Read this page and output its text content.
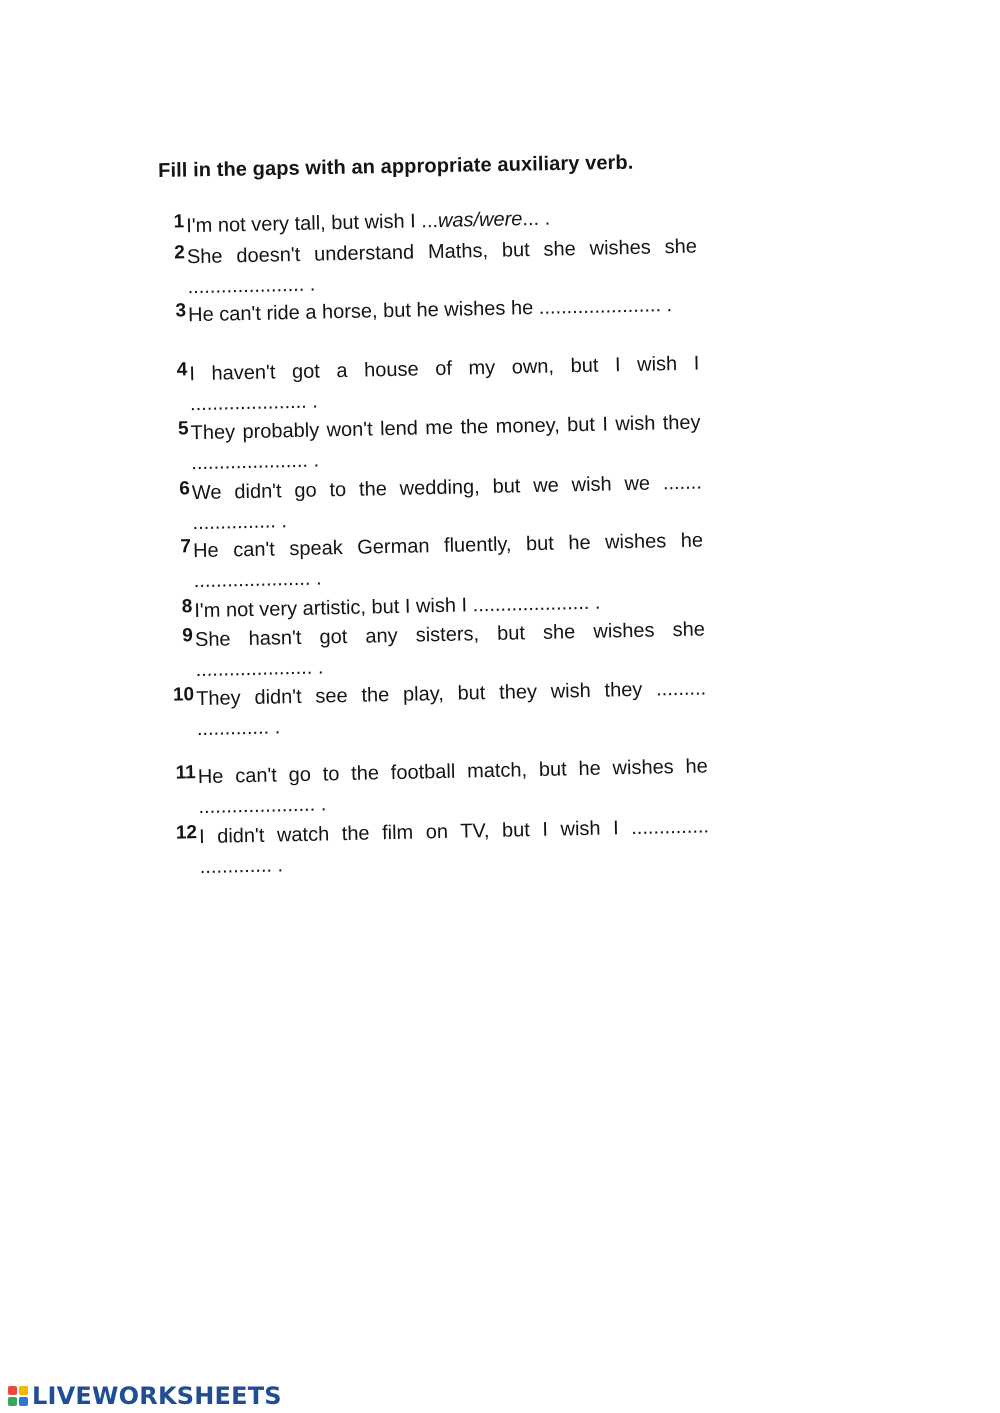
Fill in the gaps with an appropriate auxiliary verb.
1 I'm not very tall, but wish I ...was/were... .
2 She doesn't understand Maths, but she wishes she ..................... .
3 He can't ride a horse, but he wishes he ...................... .
4 I haven't got a house of my own, but I wish I ..................... .
5 They probably won't lend me the money, but I wish they ..................... .
6 We didn't go to the wedding, but we wish we ....... ............... .
7 He can't speak German fluently, but he wishes he ..................... .
8 I'm not very artistic, but I wish I ..................... .
9 She hasn't got any sisters, but she wishes she ..................... .
10 They didn't see the play, but they wish they ......... ............. .
11 He can't go to the football match, but he wishes he ..................... .
12 I didn't watch the film on TV, but I wish I .............. ............. .
LIVEWORKSHEETS
